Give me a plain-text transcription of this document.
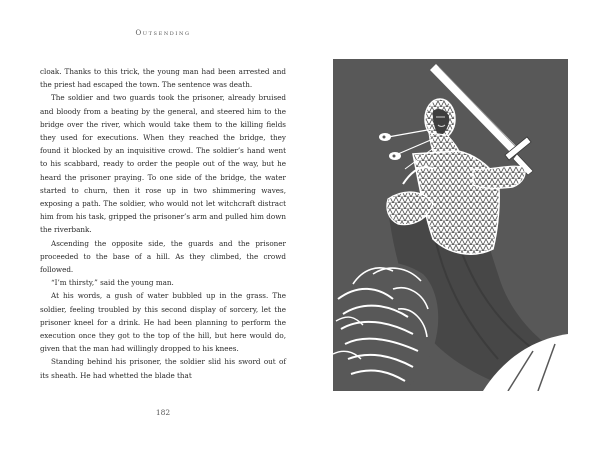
Outsending

cloak. Thanks to this trick, the young man had been arrested and the priest had escaped the town. The sentence was death.

The soldier and two guards took the prisoner, already bruised and bloody from a beating by the general, and steered him to the bridge over the river, which would take them to the killing fields they used for executions. When they reached the bridge, they found it blocked by an inquisitive crowd. The soldier’s hand went to his scabbard, ready to order the people out of the way, but he heard the prisoner praying. To one side of the bridge, the water started to churn, then it rose up in two shimmering waves, exposing a path. The soldier, who would not let witchcraft distract him from his task, gripped the prisoner’s arm and pulled him down the riverbank.

Ascending the opposite side, the guards and the prisoner proceeded to the base of a hill. As they climbed, the crowd followed.

“I’m thirsty,” said the young man.

At his words, a gush of water bubbled up in the grass. The soldier, feeling troubled by this second display of sorcery, let the prisoner kneel for a drink. He had been planning to perform the execution once they got to the top of the hill, but here would do, given that the man had willingly dropped to his knees.

Standing behind his prisoner, the soldier slid his sword out of its sheath. He had whetted the blade that

182
